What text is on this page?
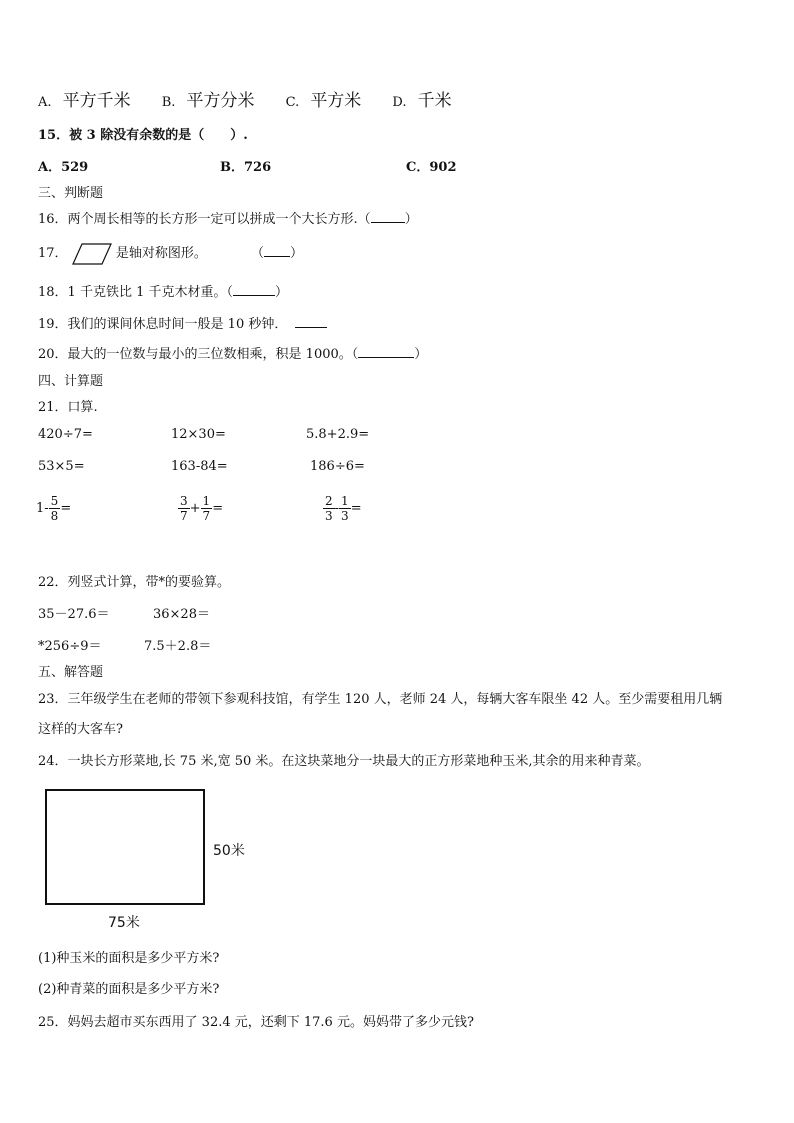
A. 平方千米 B. 平方分米 C. 平方米 D. 千米
15．被 3 除没有余数的是（　　）.
A．529	B．726	C．902
三、判断题
16．两个周长相等的长方形一定可以拼成一个大长方形.（	）
17．	是轴对称图形。	（ ）
18．1 千克铁比 1 千克木材重。（	）
19．我们的课间休息时间一般是 10 秒钟．
20．最大的一位数与最小的三位数相乘，积是 1000。（	）
四、计算题
21．口算.
420÷7=	12×30=	5.8+2.9=
53×5=	163-84=	186÷6=
$1- \frac{5}{8}$ =	$\frac{3}{7} + \frac{1}{7}$ =	$\frac{2}{3} - \frac{1}{3}$ =
22．列竖式计算，带*的要验算。
35－27.6＝	36×28＝
*256÷9＝	7.5＋2.8＝
五、解答题
23．三年级学生在老师的带领下参观科技馆，有学生 120 人，老师 24 人，每辆大客车限坐 42 人。至少需要租用几辆
这样的大客车?
24．一块长方形菜地,长 75 米,宽 50 米。在这块菜地分一块最大的正方形菜地种玉米,其余的用来种青菜。
50米
75米
(1)种玉米的面积是多少平方米?
(2)种青菜的面积是多少平方米?
25．妈妈去超市买东西用了 32.4 元，还剩下 17.6 元。妈妈带了多少元钱?
